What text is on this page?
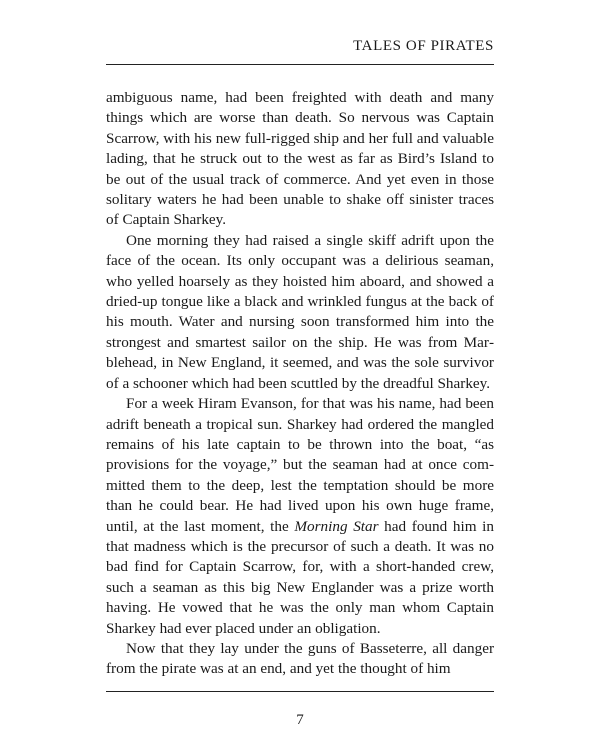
TALES OF PIRATES

ambiguous name, had been freighted with death and many things which are worse than death. So nervous was Captain Scarrow, with his new full-rigged ship and her full and valuable lading, that he struck out to the west as far as Bird’s Island to be out of the usual track of commerce. And yet even in those solitary waters he had been unable to shake off sinister traces of Captain Sharkey.

One morning they had raised a single skiff adrift upon the face of the ocean. Its only occupant was a delirious seaman, who yelled hoarsely as they hoisted him aboard, and showed a dried-up tongue like a black and wrinkled fungus at the back of his mouth. Water and nursing soon transformed him into the strongest and smartest sailor on the ship. He was from Marblehead, in New England, it seemed, and was the sole survivor of a schooner which had been scuttled by the dreadful Sharkey.

For a week Hiram Evanson, for that was his name, had been adrift beneath a tropical sun. Sharkey had ordered the mangled remains of his late captain to be thrown into the boat, “as provisions for the voyage,” but the seaman had at once committed them to the deep, lest the temptation should be more than he could bear. He had lived upon his own huge frame, until, at the last moment, the Morning Star had found him in that madness which is the precursor of such a death. It was no bad find for Captain Scarrow, for, with a short-handed crew, such a seaman as this big New Englander was a prize worth having. He vowed that he was the only man whom Captain Sharkey had ever placed under an obligation.

Now that they lay under the guns of Basseterre, all danger from the pirate was at an end, and yet the thought of him

7
